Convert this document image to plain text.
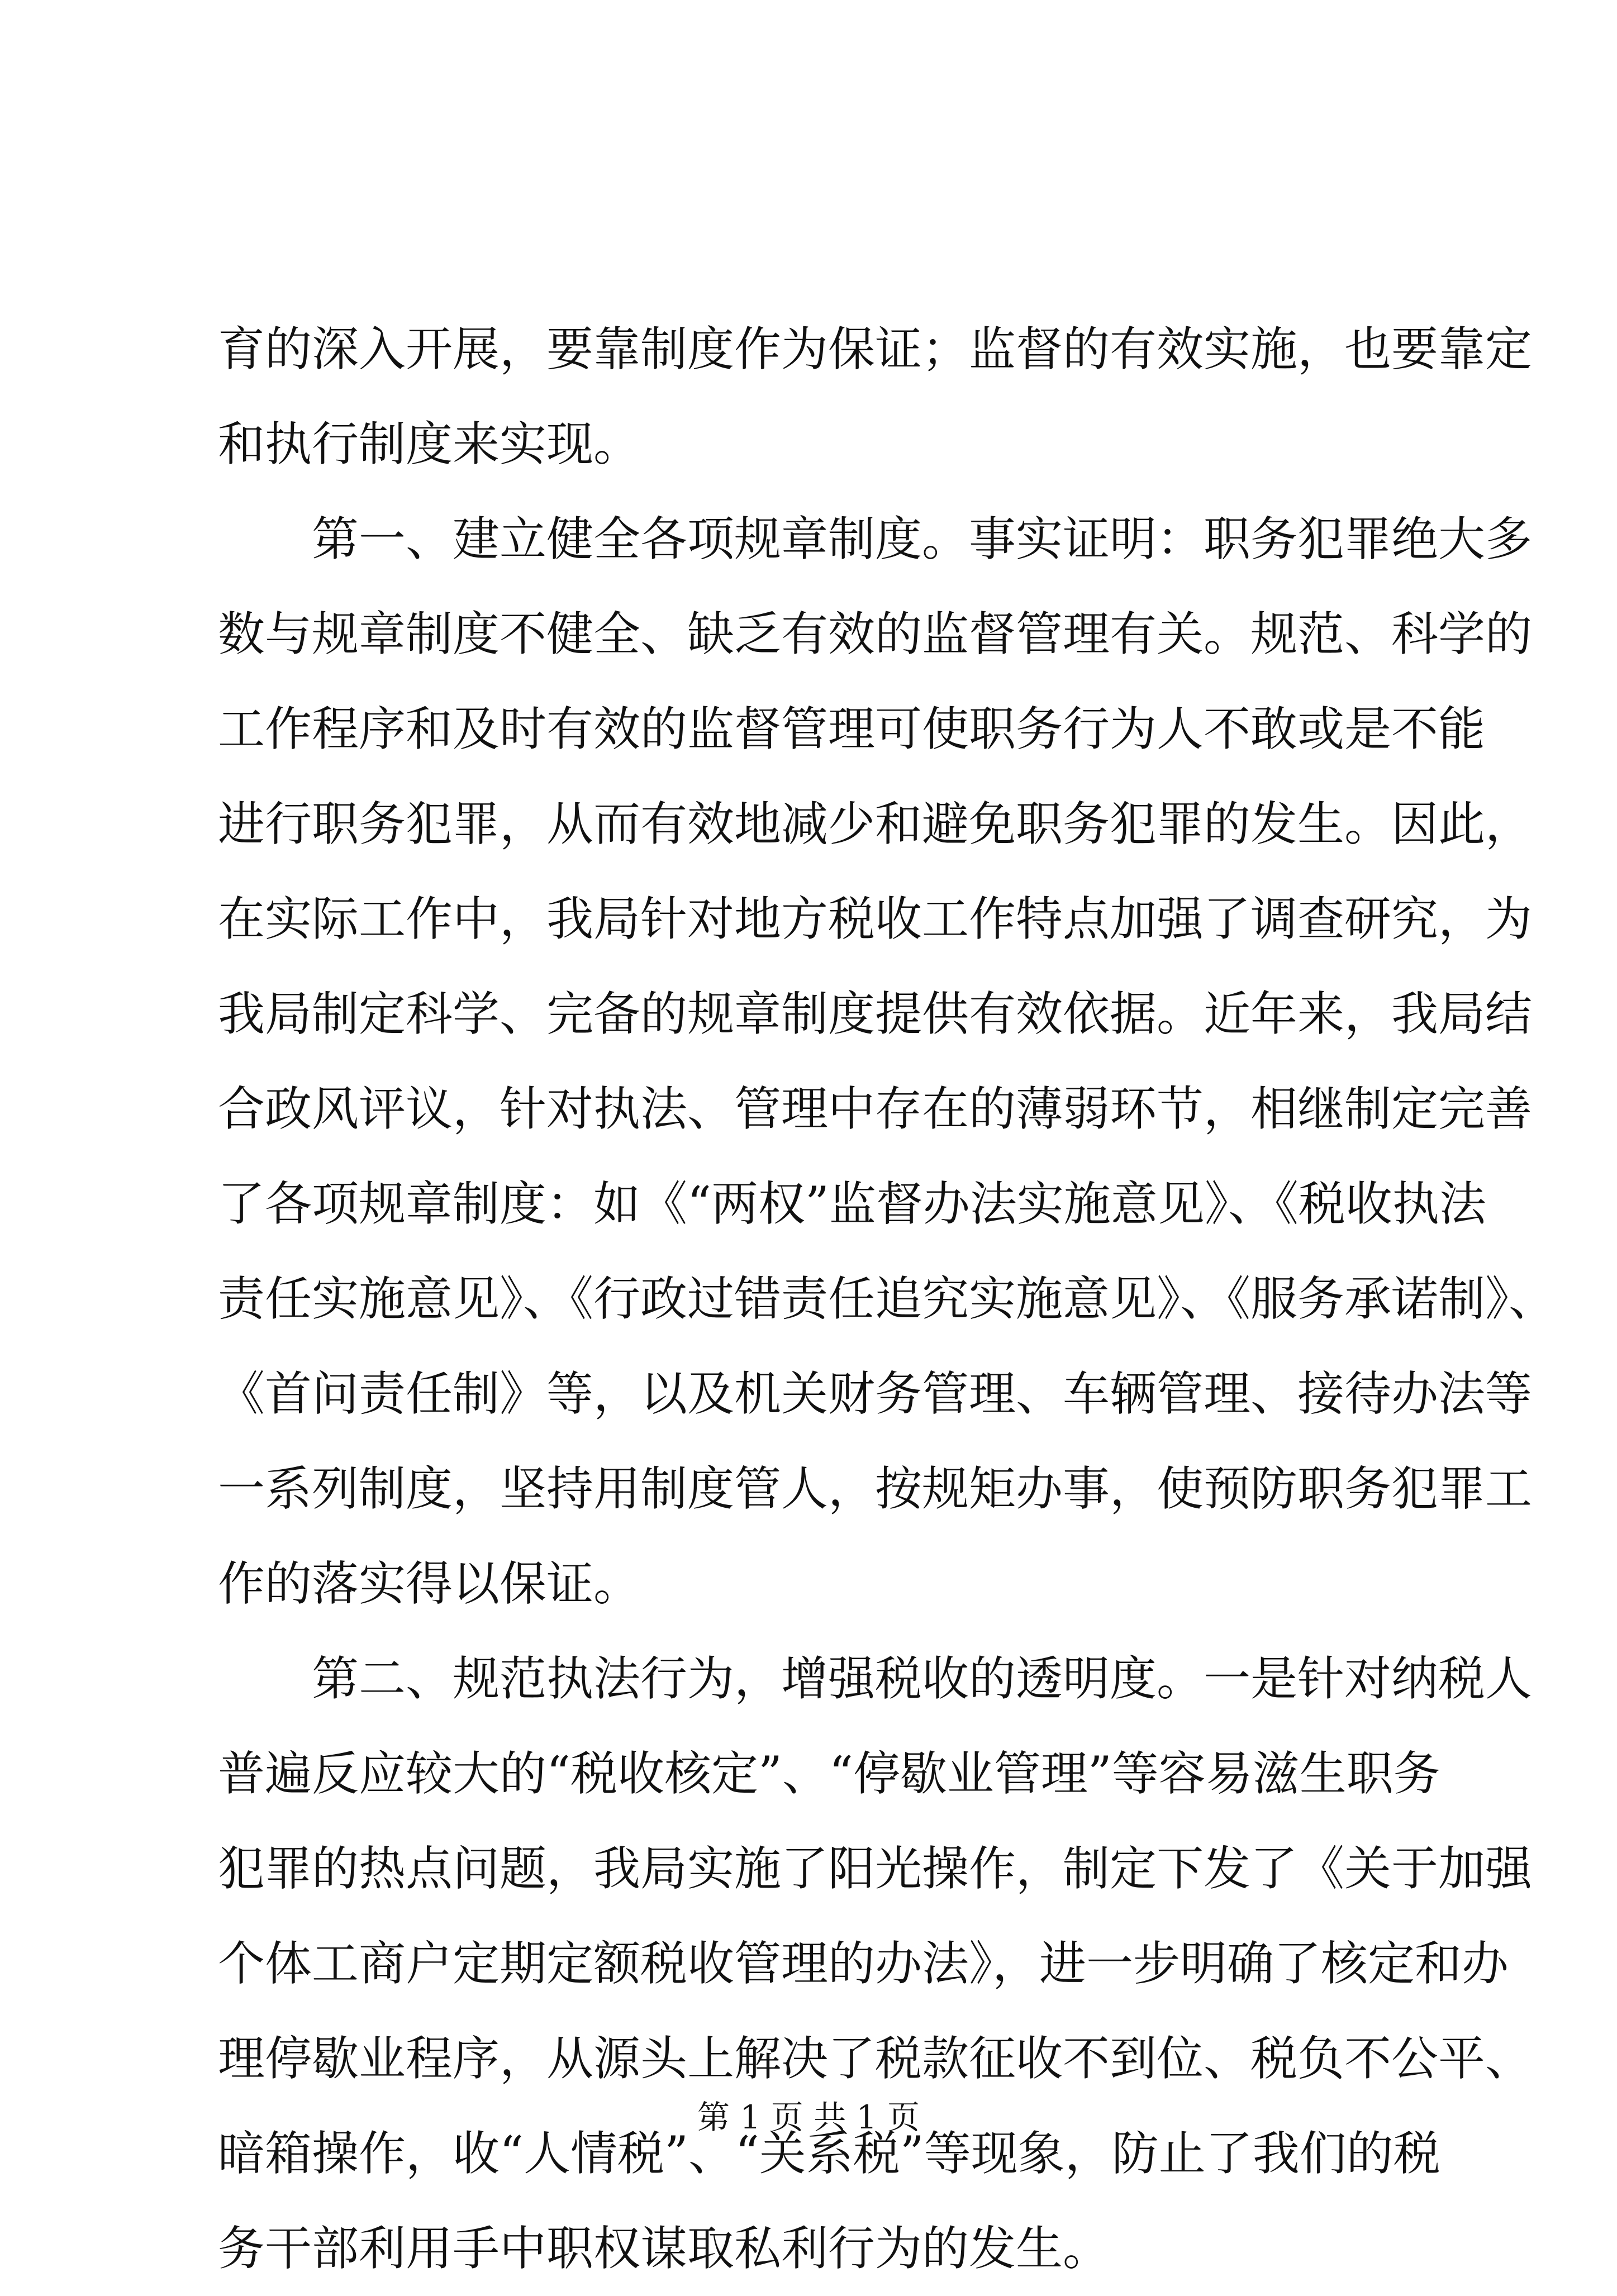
育的深入开展，要靠制度作为保证；监督的有效实施，也要靠定
和执行制度来实现。
　　第一、建立健全各项规章制度。事实证明：职务犯罪绝大多
数与规章制度不健全、缺乏有效的监督管理有关。规范、科学的
工作程序和及时有效的监督管理可使职务行为人不敢或是不能
进行职务犯罪，从而有效地减少和避免职务犯罪的发生。因此，
在实际工作中，我局针对地方税收工作特点加强了调查研究，为
我局制定科学、完备的规章制度提供有效依据。近年来，我局结
合政风评议，针对执法、管理中存在的薄弱环节，相继制定完善
了各项规章制度：如《“两权”监督办法实施意见》、《税收执法
责任实施意见》、《行政过错责任追究实施意见》、《服务承诺制》、
《首问责任制》等，以及机关财务管理、车辆管理、接待办法等
一系列制度，坚持用制度管人，按规矩办事，使预防职务犯罪工
作的落实得以保证。
　　第二、规范执法行为，增强税收的透明度。一是针对纳税人
普遍反应较大的“税收核定”、“停歇业管理”等容易滋生职务
犯罪的热点问题，我局实施了阳光操作，制定下发了《关于加强
个体工商户定期定额税收管理的办法》，进一步明确了核定和办
理停歇业程序，从源头上解决了税款征收不到位、税负不公平、
暗箱操作，收“人情税”、“关系税”等现象，防止了我们的税
务干部利用手中职权谋取私利行为的发生。
第 1 页 共 1 页
